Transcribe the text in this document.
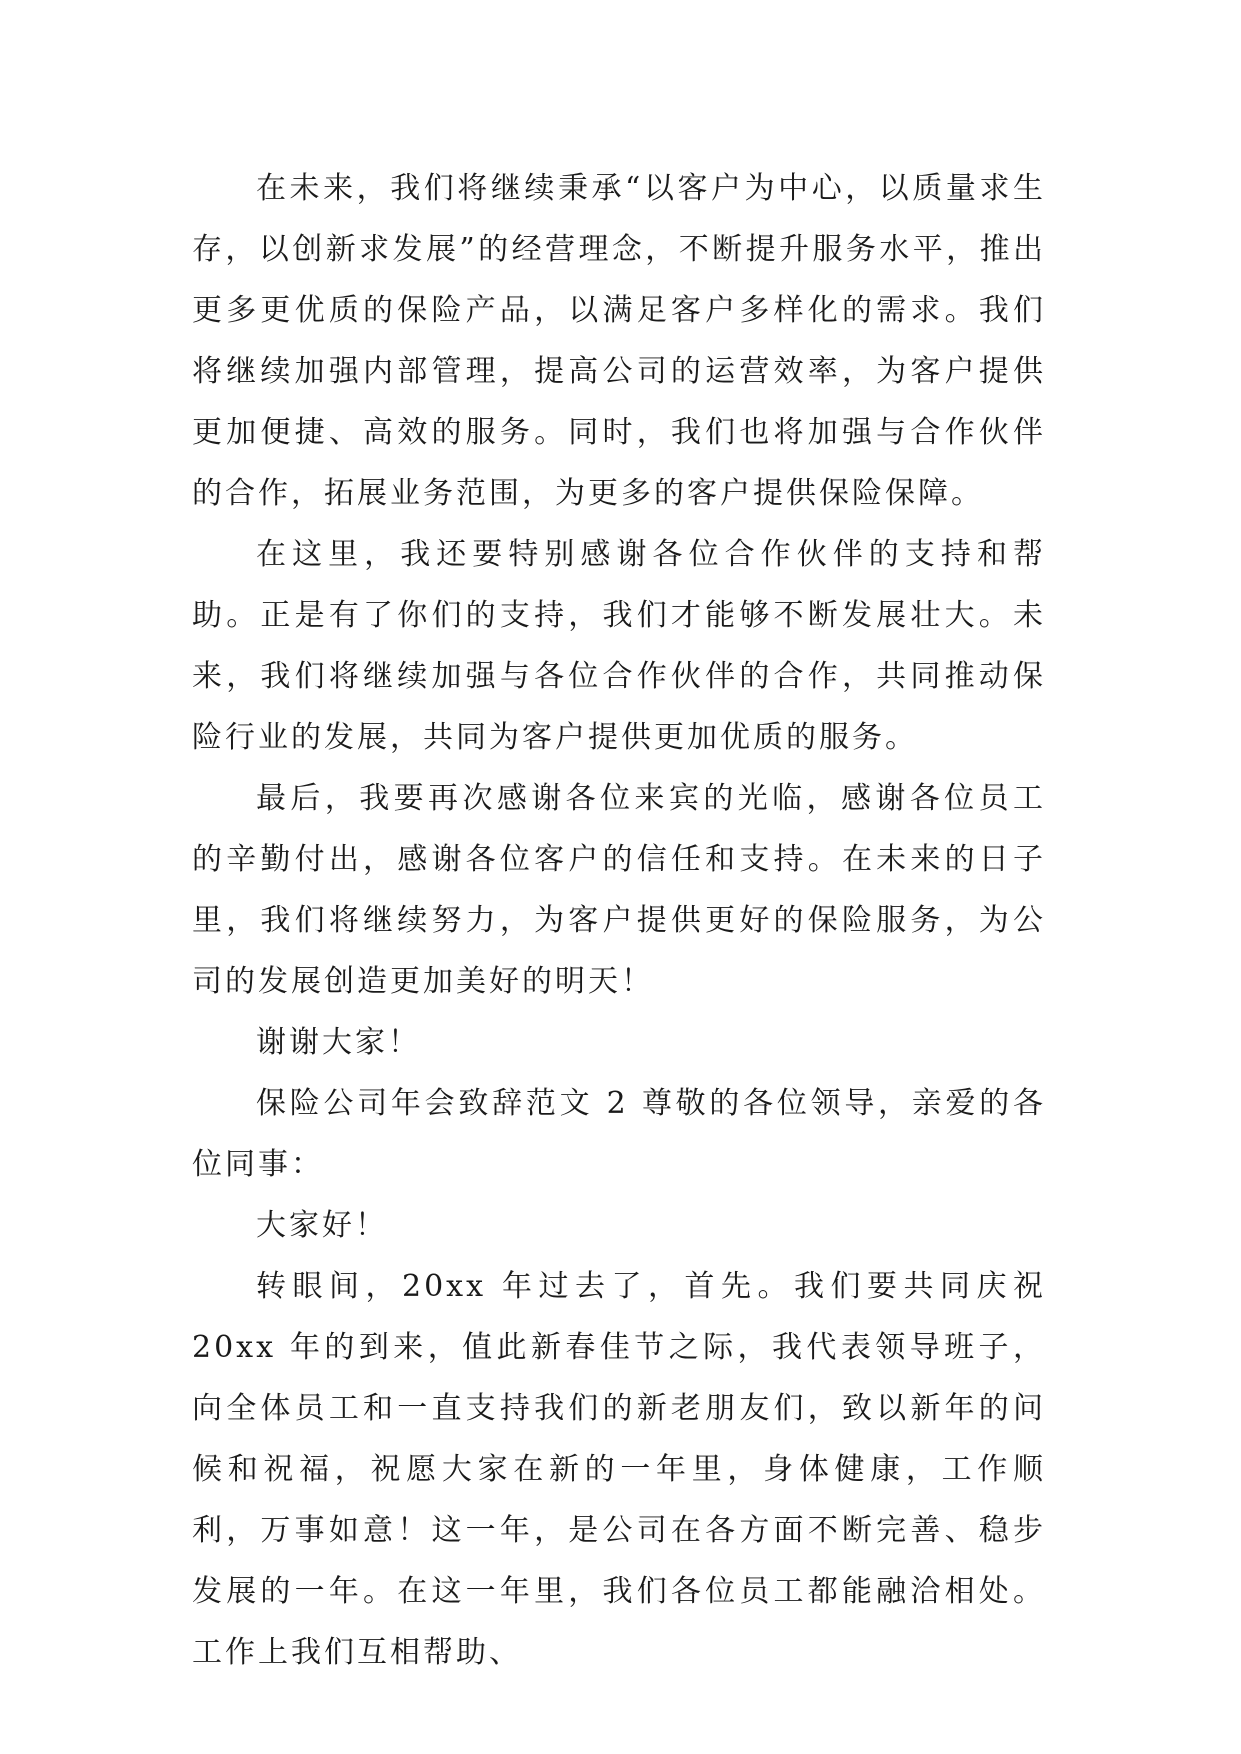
在未来，我们将继续秉承“以客户为中心，以质量求生存，以创新求发展”的经营理念，不断提升服务水平，推出更多更优质的保险产品，以满足客户多样化的需求。我们将继续加强内部管理，提高公司的运营效率，为客户提供更加便捷、高效的服务。同时，我们也将加强与合作伙伴的合作，拓展业务范围，为更多的客户提供保险保障。

在这里，我还要特别感谢各位合作伙伴的支持和帮助。正是有了你们的支持，我们才能够不断发展壮大。未来，我们将继续加强与各位合作伙伴的合作，共同推动保险行业的发展，共同为客户提供更加优质的服务。

最后，我要再次感谢各位来宾的光临，感谢各位员工的辛勤付出，感谢各位客户的信任和支持。在未来的日子里，我们将继续努力，为客户提供更好的保险服务，为公司的发展创造更加美好的明天！

谢谢大家！

保险公司年会致辞范文 2 尊敬的各位领导，亲爱的各位同事：

大家好！

转眼间，20xx 年过去了，首先。我们要共同庆祝 20xx 年的到来，值此新春佳节之际，我代表领导班子，向全体员工和一直支持我们的新老朋友们，致以新年的问候和祝福，祝愿大家在新的一年里，身体健康，工作顺利，万事如意！这一年，是公司在各方面不断完善、稳步发展的一年。在这一年里，我们各位员工都能融洽相处。工作上我们互相帮助、
